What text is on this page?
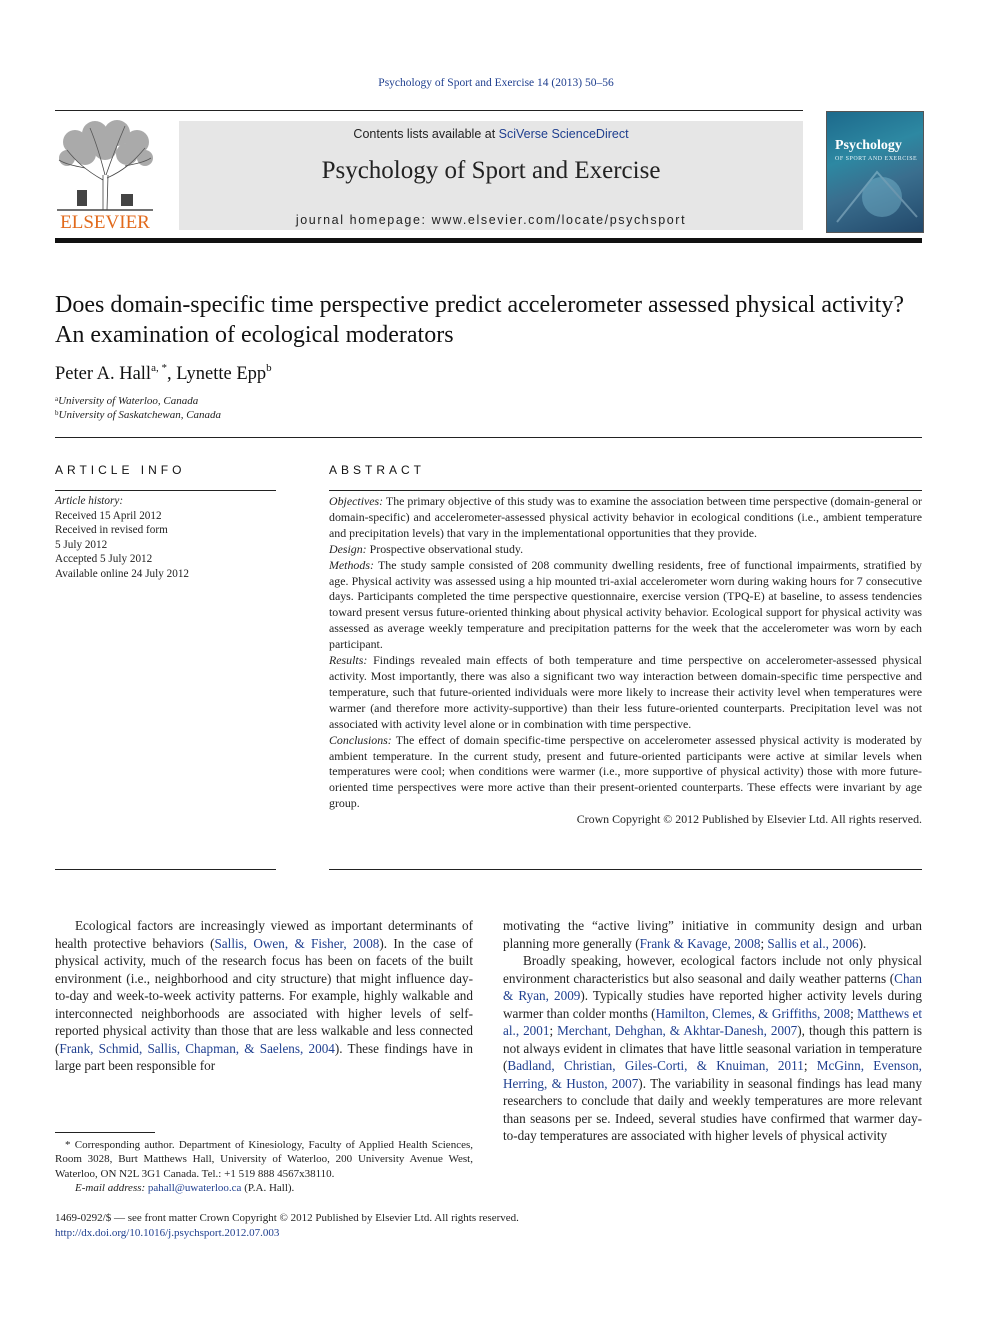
Psychology of Sport and Exercise 14 (2013) 50–56
ELSEVIER
Contents lists available at SciVerse ScienceDirect
Psychology of Sport and Exercise
journal homepage: www.elsevier.com/locate/psychsport
Psychology
OF SPORT AND EXERCISE
Does domain-specific time perspective predict accelerometer assessed physical activity? An examination of ecological moderators
Peter A. Hall$^{a, *}$, Lynette Epp$^b$
$^a$University of Waterloo, Canada
$^b$University of Saskatchewan, Canada
ARTICLE INFO
Article history:
Received 15 April 2012
Received in revised form
5 July 2012
Accepted 5 July 2012
Available online 24 July 2012
ABSTRACT

Objectives: The primary objective of this study was to examine the association between time perspective (domain-general or domain-specific) and accelerometer-assessed physical activity behavior in ecological conditions (i.e., ambient temperature and precipitation levels) that vary in the implementational opportunities that they provide.

Design: Prospective observational study.

Methods: The study sample consisted of 208 community dwelling residents, free of functional impairments, stratified by age. Physical activity was assessed using a hip mounted tri-axial accelerometer worn during waking hours for 7 consecutive days. Participants completed the time perspective questionnaire, exercise version (TPQ-E) at baseline, to assess tendencies toward present versus future-oriented thinking about physical activity behavior. Ecological support for physical activity was assessed as average weekly temperature and precipitation patterns for the week that the accelerometer was worn by each participant.

Results: Findings revealed main effects of both temperature and time perspective on accelerometer-assessed physical activity. Most importantly, there was also a significant two way interaction between domain-specific time perspective and temperature, such that future-oriented individuals were more likely to increase their activity level when temperatures were warmer (and therefore more activity-supportive) than their less future-oriented counterparts. Precipitation level was not associated with activity level alone or in combination with time perspective.

Conclusions: The effect of domain specific-time perspective on accelerometer assessed physical activity is moderated by ambient temperature. In the current study, present and future-oriented participants were active at similar levels when temperatures were cool; when conditions were warmer (i.e., more supportive of physical activity) those with more future-oriented time perspectives were more active than their present-oriented counterparts. These effects were invariant by age group.

Crown Copyright © 2012 Published by Elsevier Ltd. All rights reserved.

Ecological factors are increasingly viewed as important determinants of health protective behaviors (Sallis, Owen, & Fisher, 2008). In the case of physical activity, much of the research focus has been on facets of the built environment (i.e., neighborhood and city structure) that might influence day-to-day and week-to-week activity patterns. For example, highly walkable and interconnected neighborhoods are associated with higher levels of self-reported physical activity than those that are less walkable and less connected (Frank, Schmid, Sallis, Chapman, & Saelens, 2004). These findings have in large part been responsible for

motivating the “active living” initiative in community design and urban planning more generally (Frank & Kavage, 2008; Sallis et al., 2006).

Broadly speaking, however, ecological factors include not only physical environment characteristics but also seasonal and daily weather patterns (Chan & Ryan, 2009). Typically studies have reported higher activity levels during warmer than colder months (Hamilton, Clemes, & Griffiths, 2008; Matthews et al., 2001; Merchant, Dehghan, & Akhtar-Danesh, 2007), though this pattern is not always evident in climates that have little seasonal variation in temperature (Badland, Christian, Giles-Corti, & Knuiman, 2011; McGinn, Evenson, Herring, & Huston, 2007). The variability in seasonal findings has lead many researchers to conclude that daily and weekly temperatures are more relevant than seasons per se. Indeed, several studies have confirmed that warmer day-to-day temperatures are associated with higher levels of physical activity

* Corresponding author. Department of Kinesiology, Faculty of Applied Health Sciences, Room 3028, Burt Matthews Hall, University of Waterloo, 200 University Avenue West, Waterloo, ON N2L 3G1 Canada. Tel.: +1 519 888 4567x38110.

E-mail address: pahall@uwaterloo.ca (P.A. Hall).

1469-0292/$ — see front matter Crown Copyright © 2012 Published by Elsevier Ltd. All rights reserved.
http://dx.doi.org/10.1016/j.psychsport.2012.07.003
